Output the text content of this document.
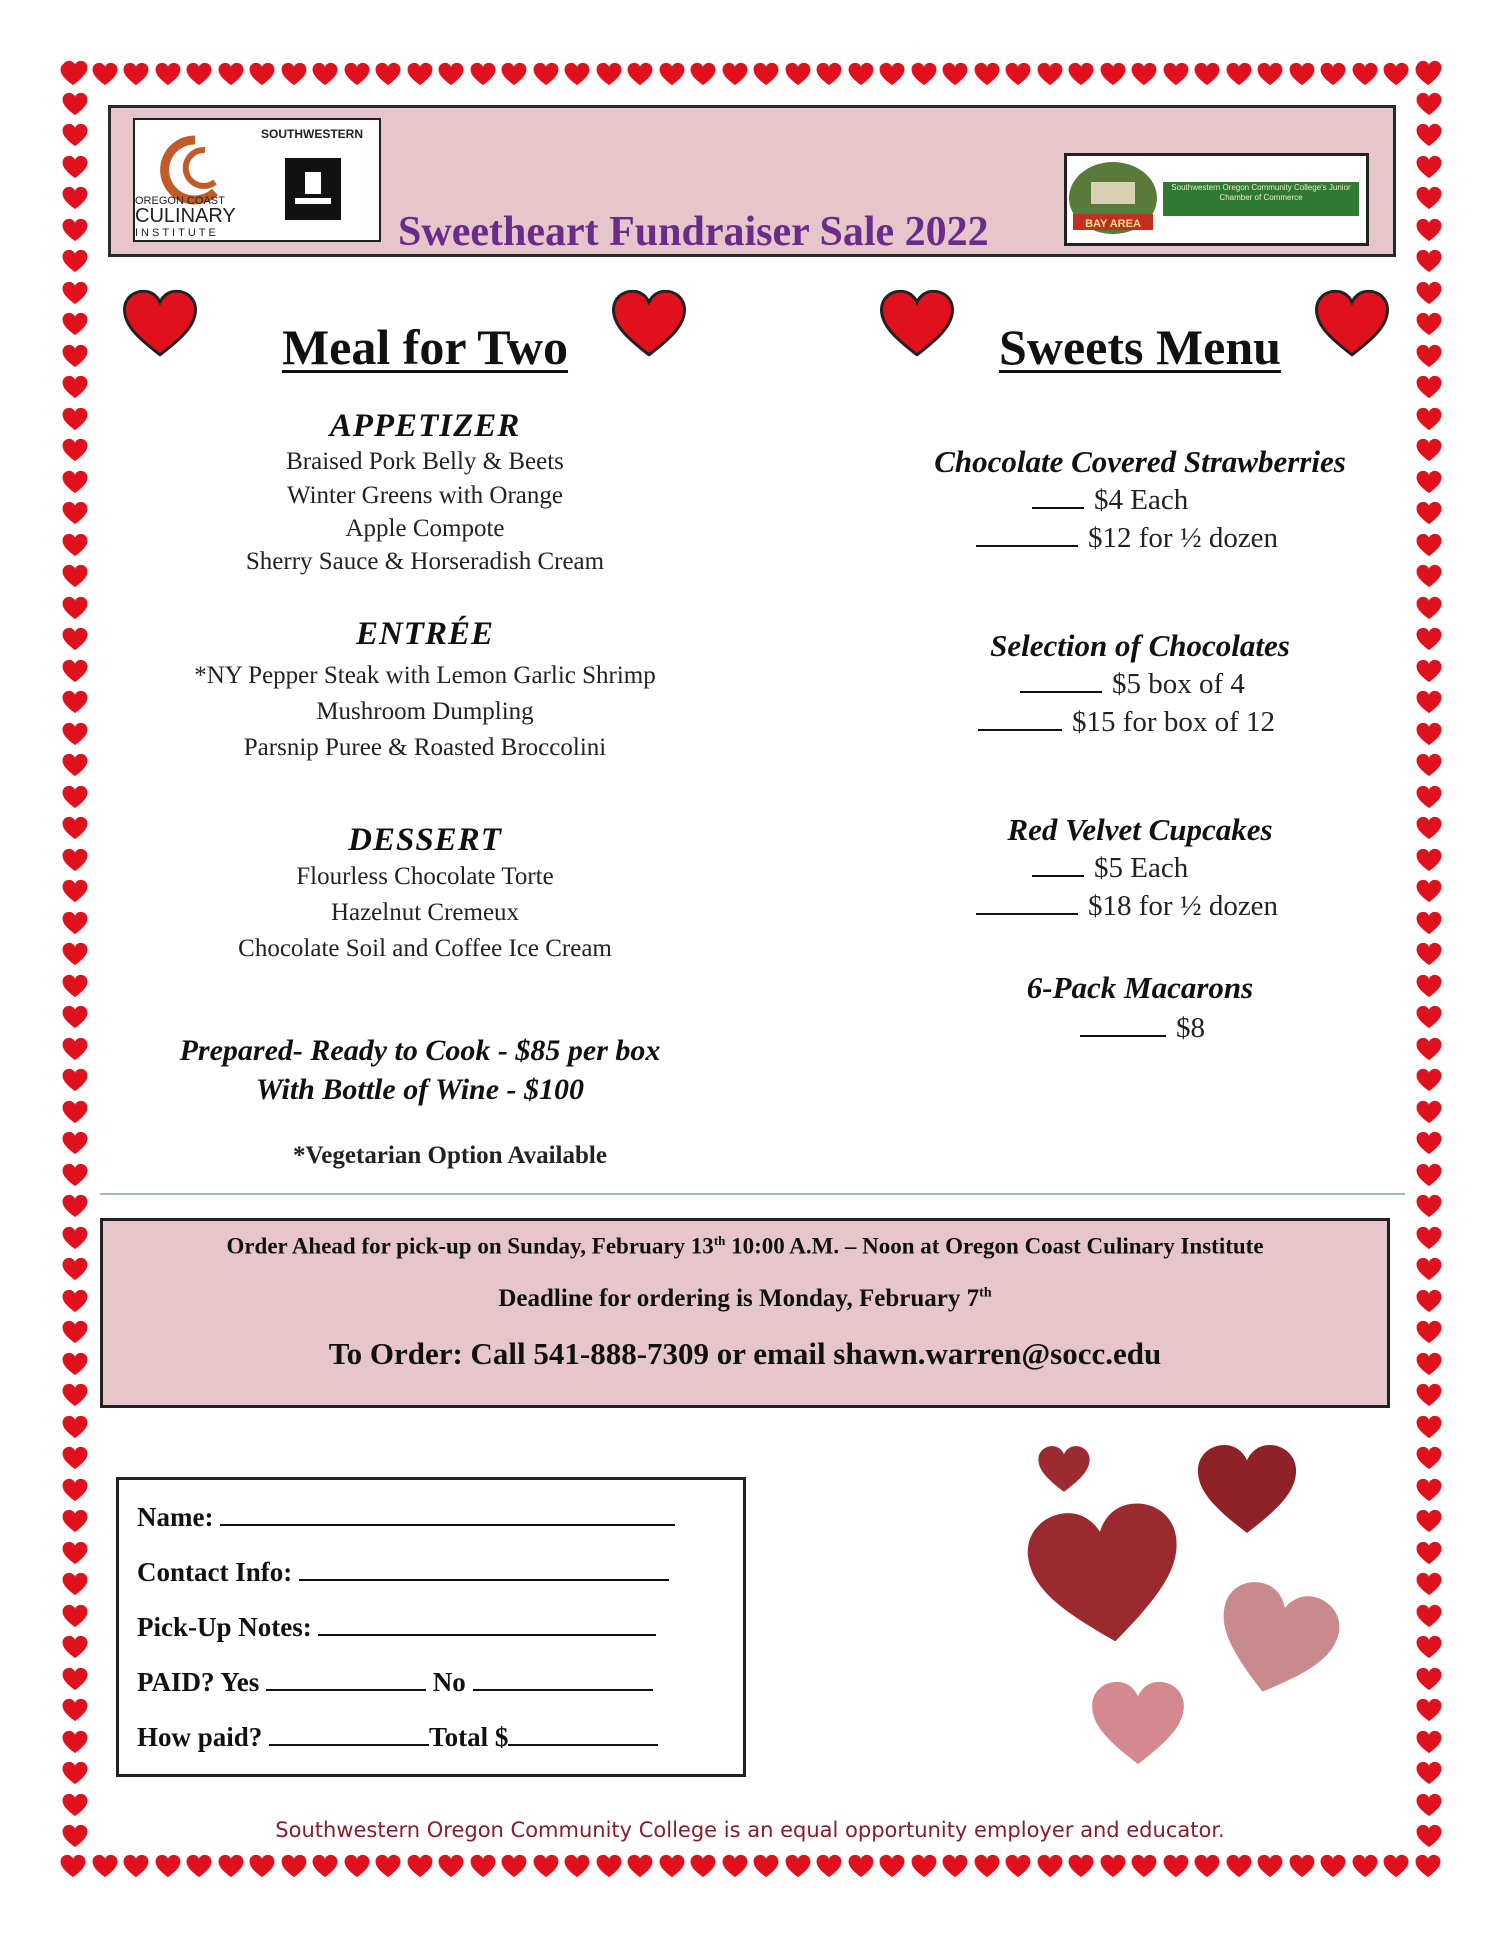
OREGON COAST
CULINARY
INSTITUTE
SOUTHWESTERN
Sweetheart Fundraiser Sale 2022	BAY AREA
Southwestern Oregon Community College's Junior Chamber of Commerce
Meal for Two
APPETIZER
Braised Pork Belly & Beets
Winter Greens with Orange
Apple Compote
Sherry Sauce & Horseradish Cream
ENTRÉE
*NY Pepper Steak with Lemon Garlic Shrimp
Mushroom Dumpling
Parsnip Puree & Roasted Broccolini
DESSERT
Flourless Chocolate Torte
Hazelnut Cremeux
Chocolate Soil and Coffee Ice Cream
Prepared- Ready to Cook - $85 per box
With Bottle of Wine - $100
*Vegetarian Option Available
Sweets Menu
Chocolate Covered Strawberries
$4 Each
$12 for ½ dozen
Selection of Chocolates
$5 box of 4
$15 for box of 12
Red Velvet Cupcakes
$5 Each
$18 for ½ dozen
6-Pack Macarons
$8
Order Ahead for pick-up on Sunday, February 13th 10:00 A.M. – Noon at Oregon Coast Culinary Institute
Deadline for ordering is Monday, February 7th
To Order: Call 541-888-7309 or email shawn.warren@socc.edu
Name:
Contact Info:
Pick-Up Notes:
PAID? Yes	No
How paid?	Total $
Southwestern Oregon Community College is an equal opportunity employer and educator.
